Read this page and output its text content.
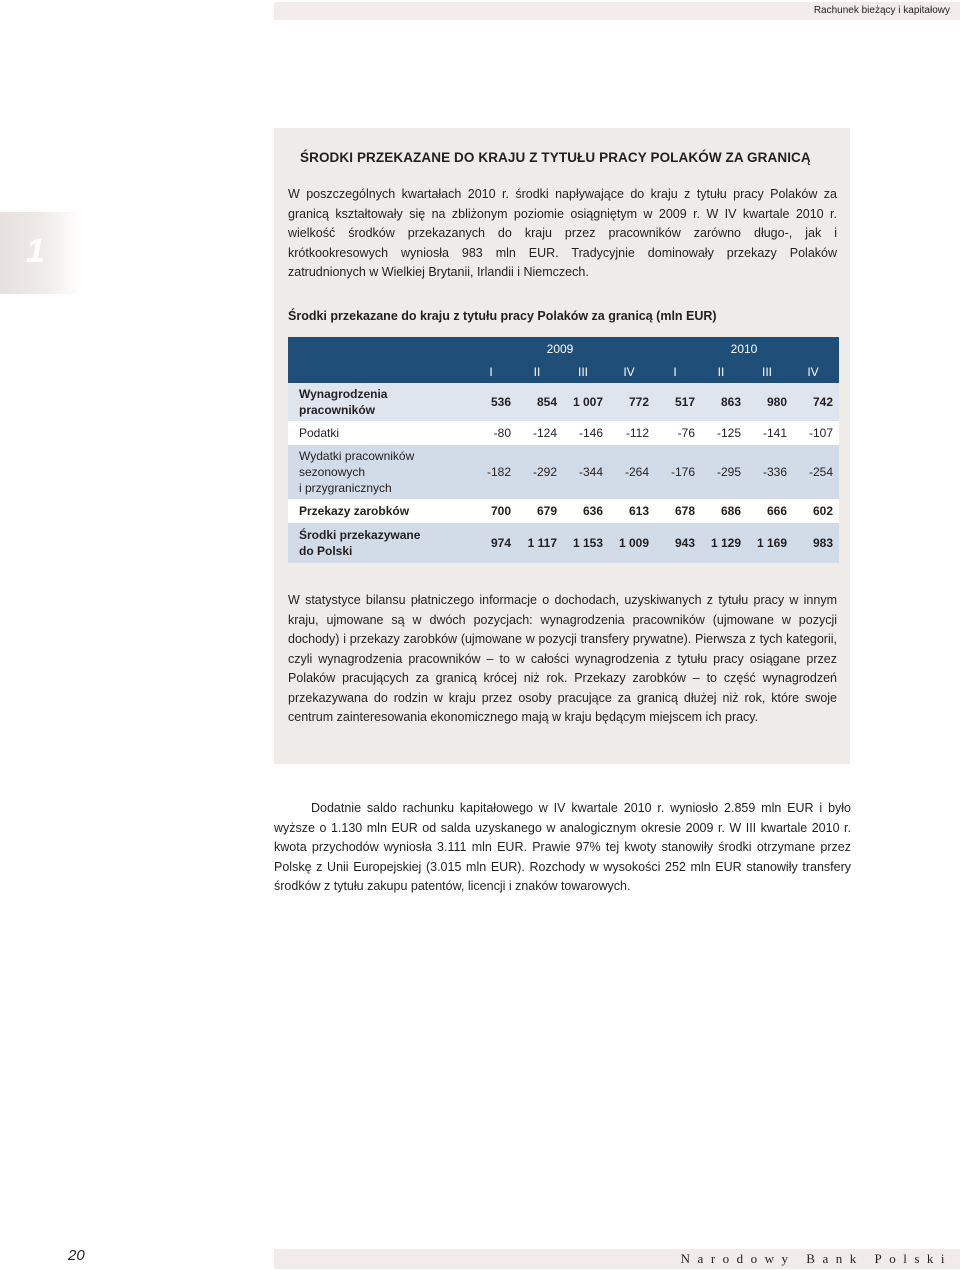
Rachunek bieżący i kapitałowy
1
ŚRODKI PRZEKAZANE DO KRAJU Z TYTUŁU PRACY POLAKÓW ZA GRANICĄ

W poszczególnych kwartałach 2010 r. środki napływające do kraju z tytułu pracy Polaków za granicą kształtowały się na zbliżonym poziomie osiągniętym w 2009 r. W IV kwartale 2010 r. wielkość środków przekazanych do kraju przez pracowników zarówno długo-, jak i krótkookresowych wyniosła 983 mln EUR. Tradycyjnie dominowały przekazy Polaków zatrudnionych w Wielkiej Brytanii, Irlandii i Niemczech.

Środki przekazane do kraju z tytułu pracy Polaków za granicą (mln EUR)
	2009				2010			
	I	II	III	IV	I	II	III	IV
Wynagrodzenia
pracowników	536	854	1 007	772	517	863	980	742
Podatki	-80	-124	-146	-112	-76	-125	-141	-107
Wydatki pracowników
sezonowych
i przygranicznych	-182	-292	-344	-264	-176	-295	-336	-254
Przekazy zarobków	700	679	636	613	678	686	666	602
Środki przekazywane
do Polski	974	1 117	1 153	1 009	943	1 129	1 169	983

W statystyce bilansu płatniczego informacje o dochodach, uzyskiwanych z tytułu pracy w innym kraju, ujmowane są w dwóch pozycjach: wynagrodzenia pracowników (ujmowane w pozycji dochody) i przekazy zarobków (ujmowane w pozycji transfery prywatne). Pierwsza z tych kategorii, czyli wynagrodzenia pracowników – to w całości wynagrodzenia z tytułu pracy osiągane przez Polaków pracujących za granicą krócej niż rok. Przekazy zarobków – to część wynagrodzeń przekazywana do rodzin w kraju przez osoby pracujące za granicą dłużej niż rok, które swoje centrum zainteresowania ekonomicznego mają w kraju będącym miejscem ich pracy.

Dodatnie saldo rachunku kapitałowego w IV kwartale 2010 r. wyniosło 2.859 mln EUR i było wyższe o 1.130 mln EUR od salda uzyskanego w analogicznym okresie 2009 r. W III kwartale 2010 r. kwota przychodów wyniosła 3.111 mln EUR. Prawie 97% tej kwoty stanowiły środki otrzymane przez Polskę z Unii Europejskiej (3.015 mln EUR). Rozchody w wysokości 252 mln EUR stanowiły transfery środków z tytułu zakupu patentów, licencji i znaków towarowych.

20	Narodowy Bank Polski
